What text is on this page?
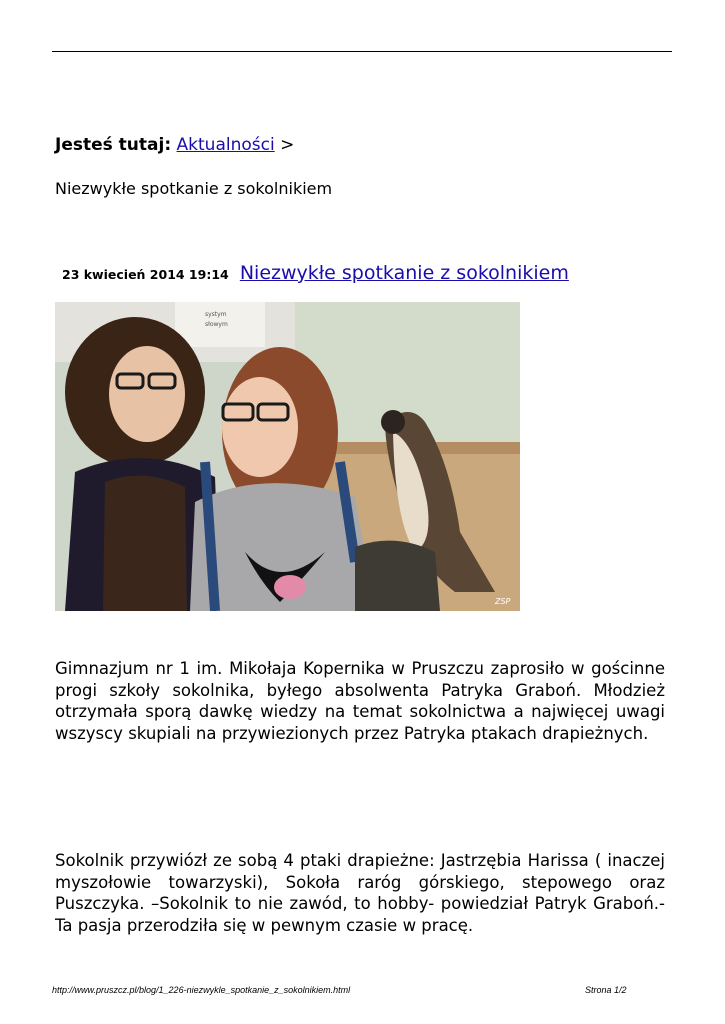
Jesteś tutaj: Aktualności >
Niezwykłe spotkanie z sokolnikiem
23 kwiecień 2014 19:14 Niezwykłe spotkanie z sokolnikiem
systym
słowym
ZSP
Gimnazjum nr 1 im. Mikołaja Kopernika w Pruszczu zaprosiło w gościnne progi szkoły sokolnika, byłego absolwenta Patryka Graboń. Młodzież otrzymała sporą dawkę wiedzy na temat sokolnictwa a najwięcej uwagi wszyscy skupiali na przywiezionych przez Patryka ptakach drapieżnych.
Sokolnik przywiózł ze sobą 4 ptaki drapieżne: Jastrzębia Harissa ( inaczej myszołowie towarzyski), Sokoła raróg górskiego, stepowego oraz Puszczyka. –Sokolnik to nie zawód, to hobby- powiedział Patryk Graboń.- Ta pasja przerodziła się w pewnym czasie w pracę.
http://www.pruszcz.pl/blog/1_226-niezwykle_spotkanie_z_sokolnikiem.html	Strona 1/2
